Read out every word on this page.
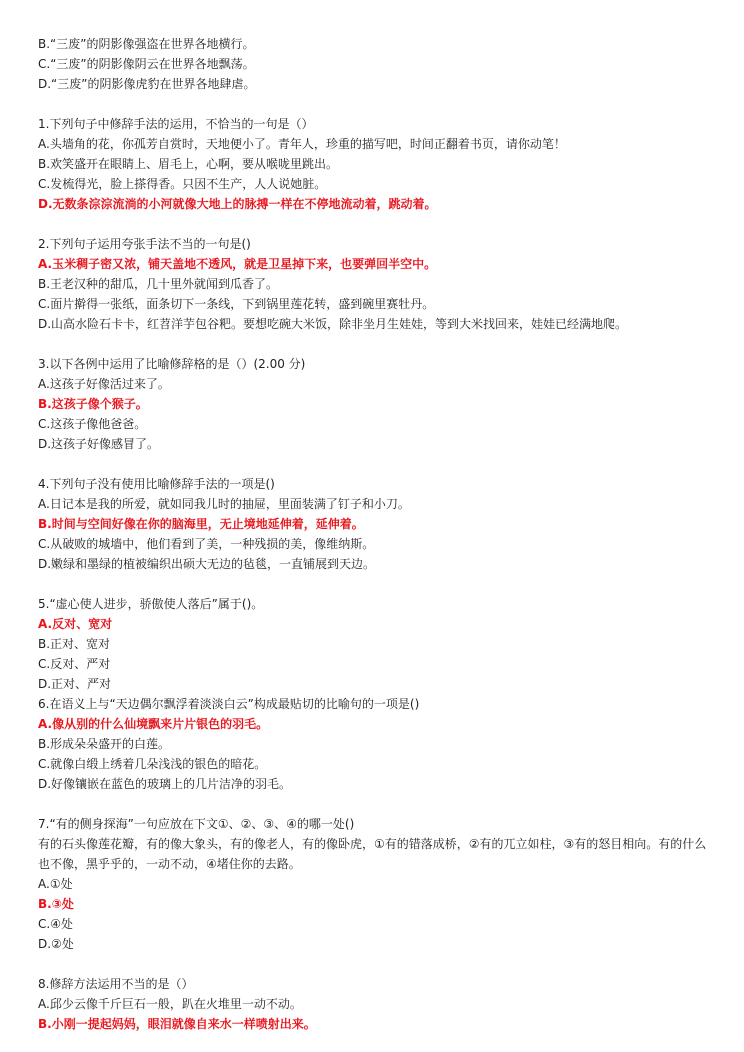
B.“三废”的阴影像强盗在世界各地横行。
C.“三废”的阴影像阴云在世界各地飘荡。
D.“三废”的阴影像虎豹在世界各地肆虐。
1.下列句子中修辞手法的运用，不恰当的一句是（）
A.头墙角的花，你孤芳自赏时，天地便小了。青年人，珍重的描写吧，时间正翻着书页，请你动笔！
B.欢笑盛开在眼睛上、眉毛上，心啊，要从喉咙里跳出。
C.发梳得光，脸上搽得香。只因不生产，人人说她脏。
D.无数条淙淙流淌的小河就像大地上的脉搏一样在不停地流动着，跳动着。
2.下列句子运用夸张手法不当的一句是()
A.玉米稠子密又浓，铺天盖地不透风，就是卫星掉下来，也要弹回半空中。
B.王老汉种的甜瓜，几十里外就闻到瓜香了。
C.面片擀得一张纸，面条切下一条线，下到锅里莲花转，盛到碗里赛牡丹。
D.山高水险石卡卡，红苕洋芋包谷粑。要想吃碗大米饭，除非坐月生娃娃，等到大米找回来，娃娃已经满地爬。
3.以下各例中运用了比喻修辞格的是（）(2.00 分)
A.这孩子好像活过来了。
B.这孩子像个猴子。
C.这孩子像他爸爸。
D.这孩子好像感冒了。
4.下列句子没有使用比喻修辞手法的一项是()
A.日记本是我的所爱，就如同我儿时的抽屉，里面装满了钉子和小刀。
B.时间与空间好像在你的脑海里，无止境地延伸着，延伸着。
C.从破败的城墙中，他们看到了美，一种残损的美，像维纳斯。
D.嫩绿和墨绿的植被编织出硕大无边的毡毯，一直铺展到天边。
5.“虚心使人进步，骄傲使人落后”属于()。
A.反对、宽对
B.正对、宽对
C.反对、严对
D.正对、严对
6.在语义上与“天边偶尔飘浮着淡淡白云”构成最贴切的比喻句的一项是()
A.像从别的什么仙境飘来片片银色的羽毛。
B.形成朵朵盛开的白莲。
C.就像白缎上绣着几朵浅浅的银色的暗花。
D.好像镶嵌在蓝色的玻璃上的几片洁净的羽毛。
7.“有的侧身探海”一句应放在下文①、②、③、④的哪一处()
有的石头像莲花瓣，有的像大象头，有的像老人，有的像卧虎，①有的错落成桥，②有的兀立如柱，③有的怒目相向。有的什么也不像，黑乎乎的，一动不动，④堵住你的去路。
A.①处
B.③处
C.④处
D.②处
8.修辞方法运用不当的是（）
A.邱少云像千斤巨石一般，趴在火堆里一动不动。
B.小刚一提起妈妈，眼泪就像自来水一样喷射出来。
